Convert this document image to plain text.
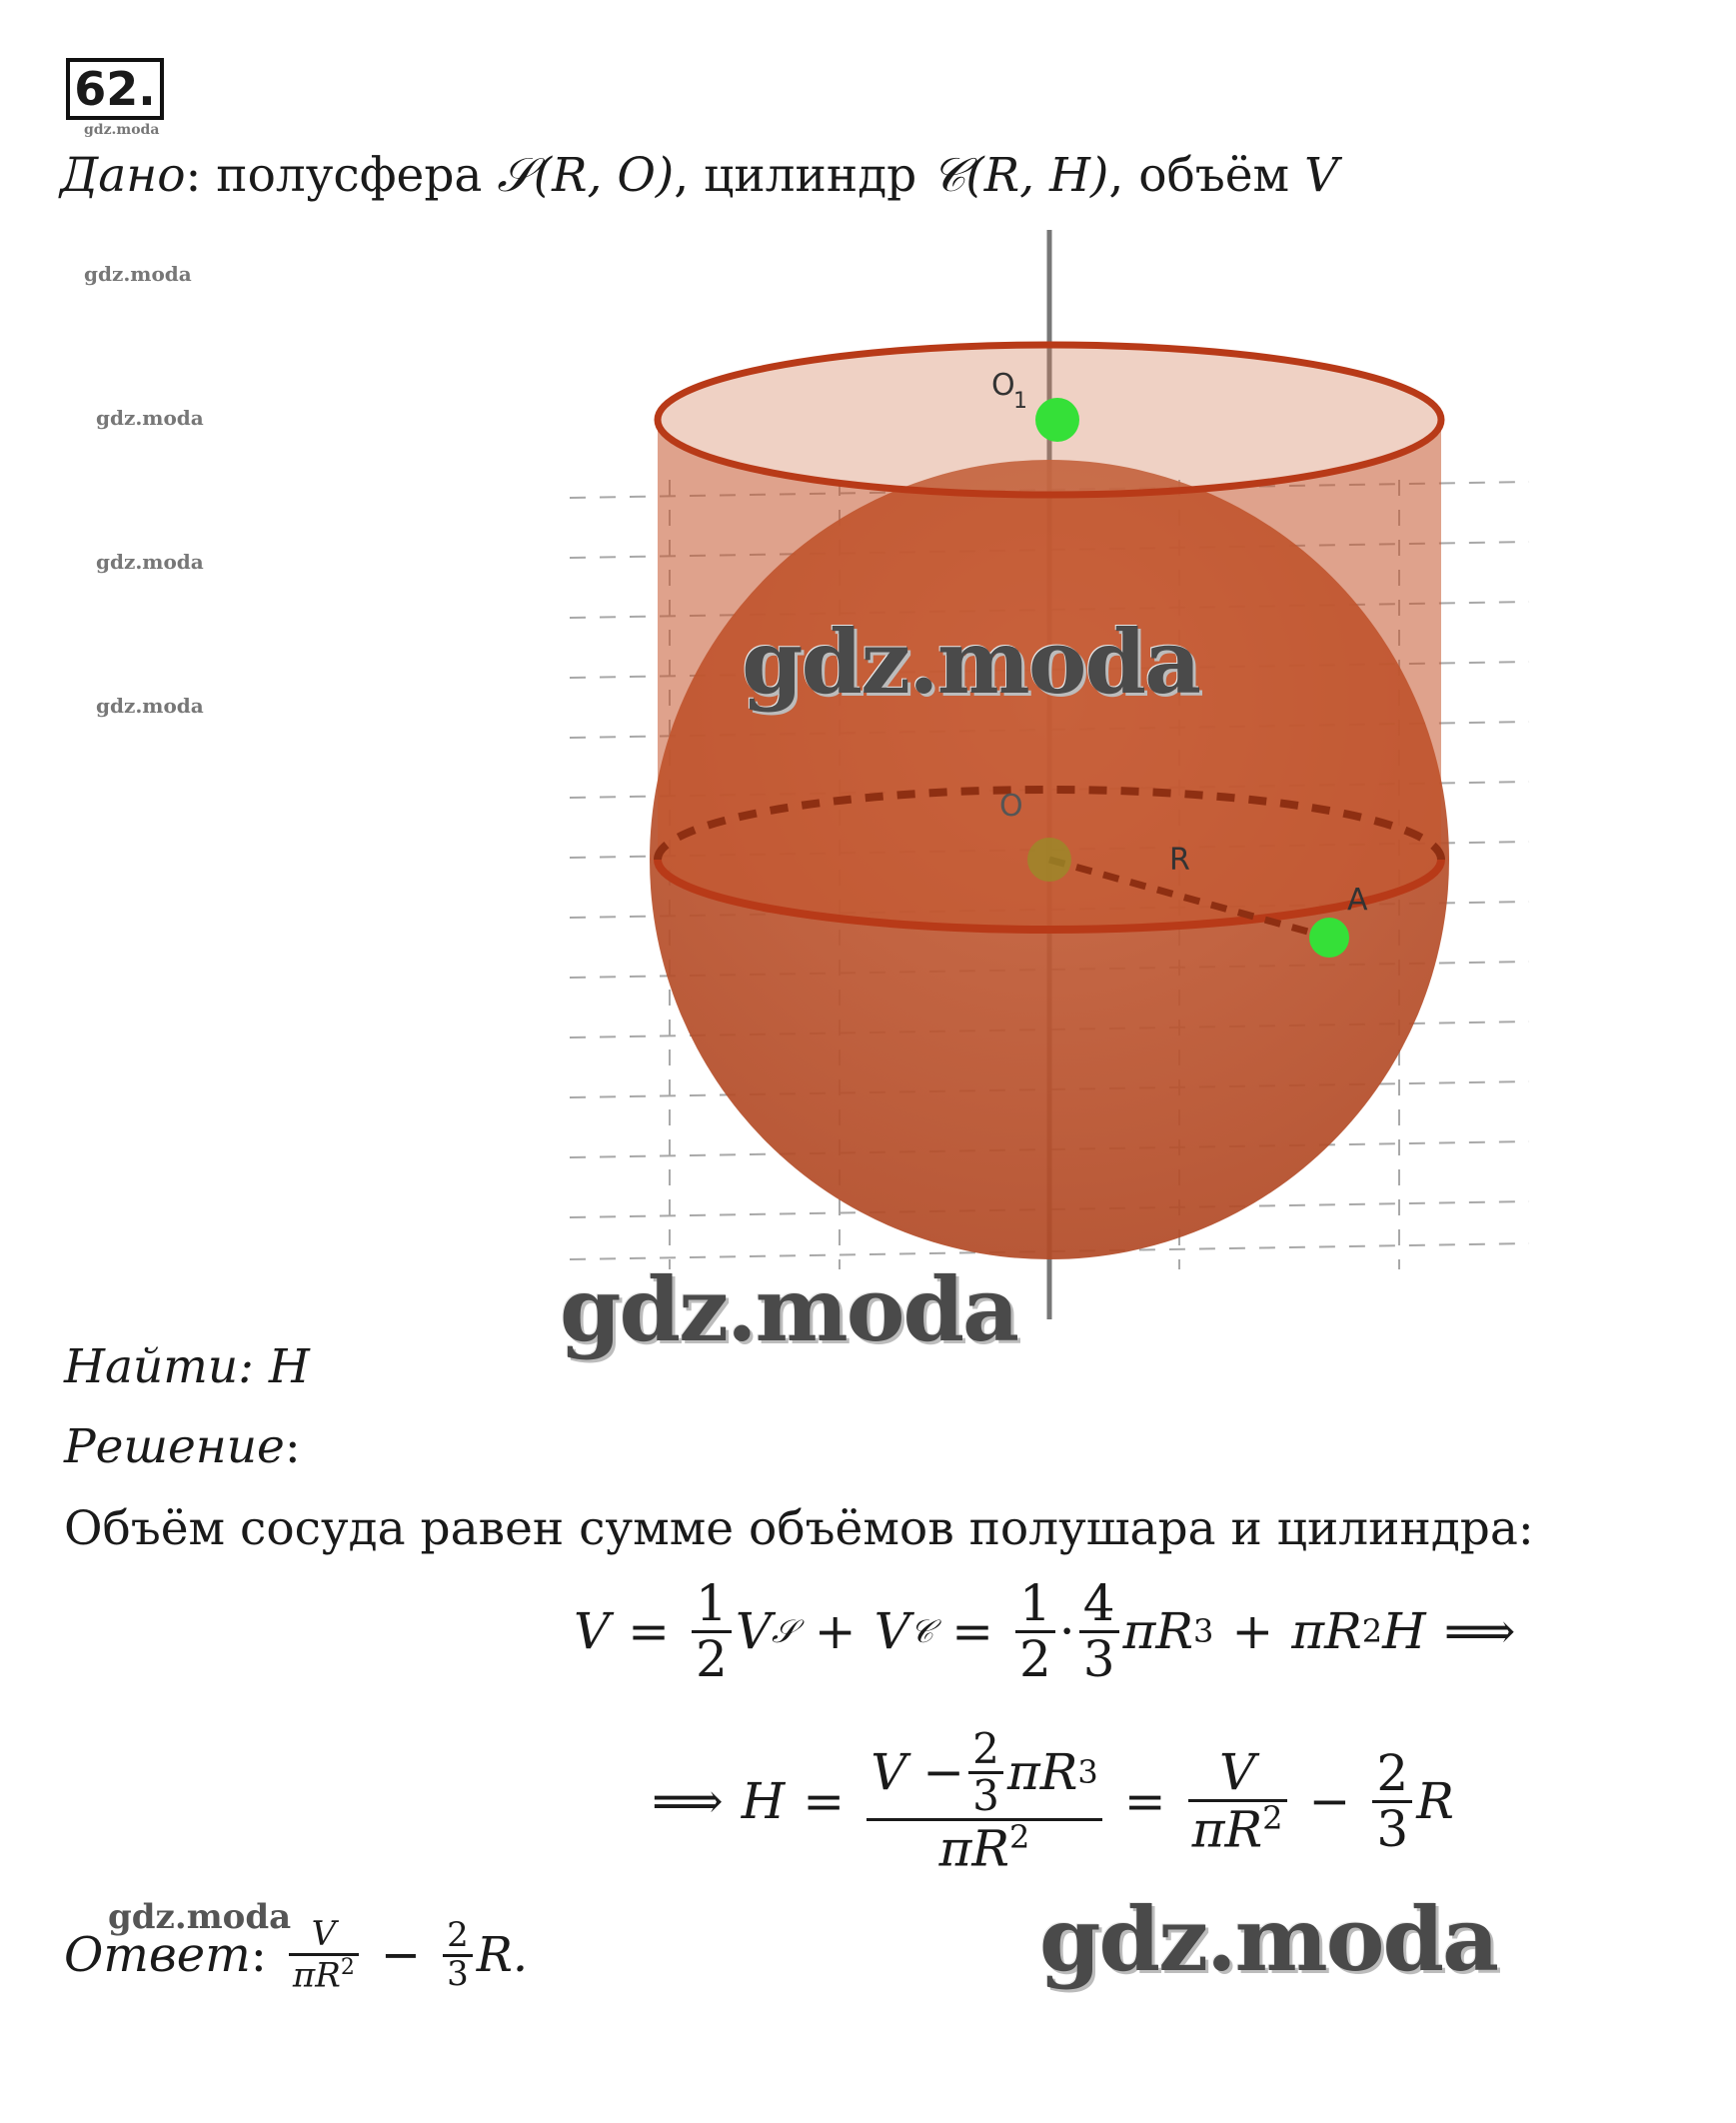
62.
gdz.moda
Дано: полусфера 𝒮(R, O), цилиндр 𝒞(R, H), объём V
gdz.moda
gdz.moda
gdz.moda
gdz.moda
O
1
O
R
A
gdz.moda
gdz.moda
gdz.moda
Найти: H
Решение:
Объём сосуда равен сумме объёмов полушара и цилиндра:
$V = \frac{1}{2}$ V 𝒮 + V 𝒞 = $\frac{1}{2} \cdot \frac{4}{3}$ πR 3 + πR 2 H ⟹
⟹ $H = \frac{V - \frac{2}{3} \pi R 3}{\pi R^2} = \frac{V}{\pi R^2} - \frac{2}{3}$ R
gdz.moda
Ответ : $\frac{V}{\pi R^2} - \frac{2}{3} R$.
